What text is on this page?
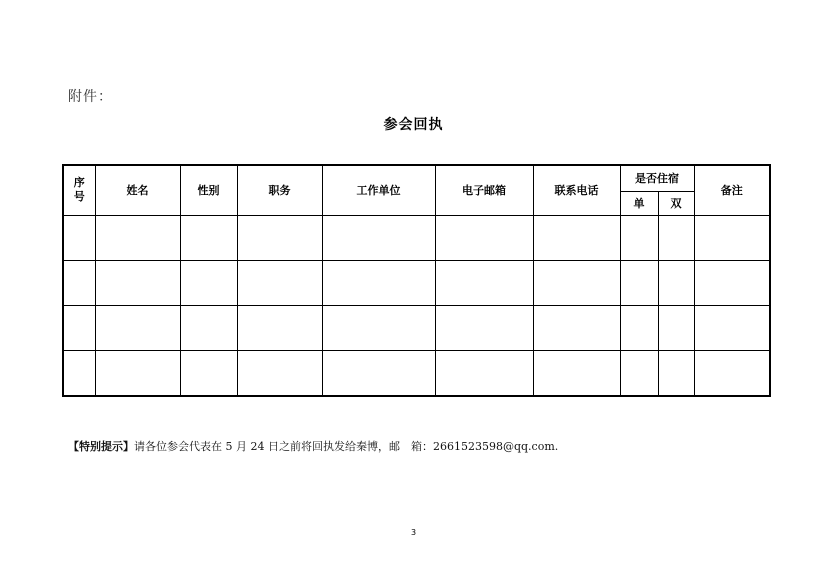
附件：
参会回执
序
号	姓名	性别	职务	工作单位	电子邮箱	联系电话	是否住宿		备注
							单	双	

【特别提示】请各位参会代表在 5 月 24 日之前将回执发给秦博，邮　箱：2661523598@qq.com.
3
